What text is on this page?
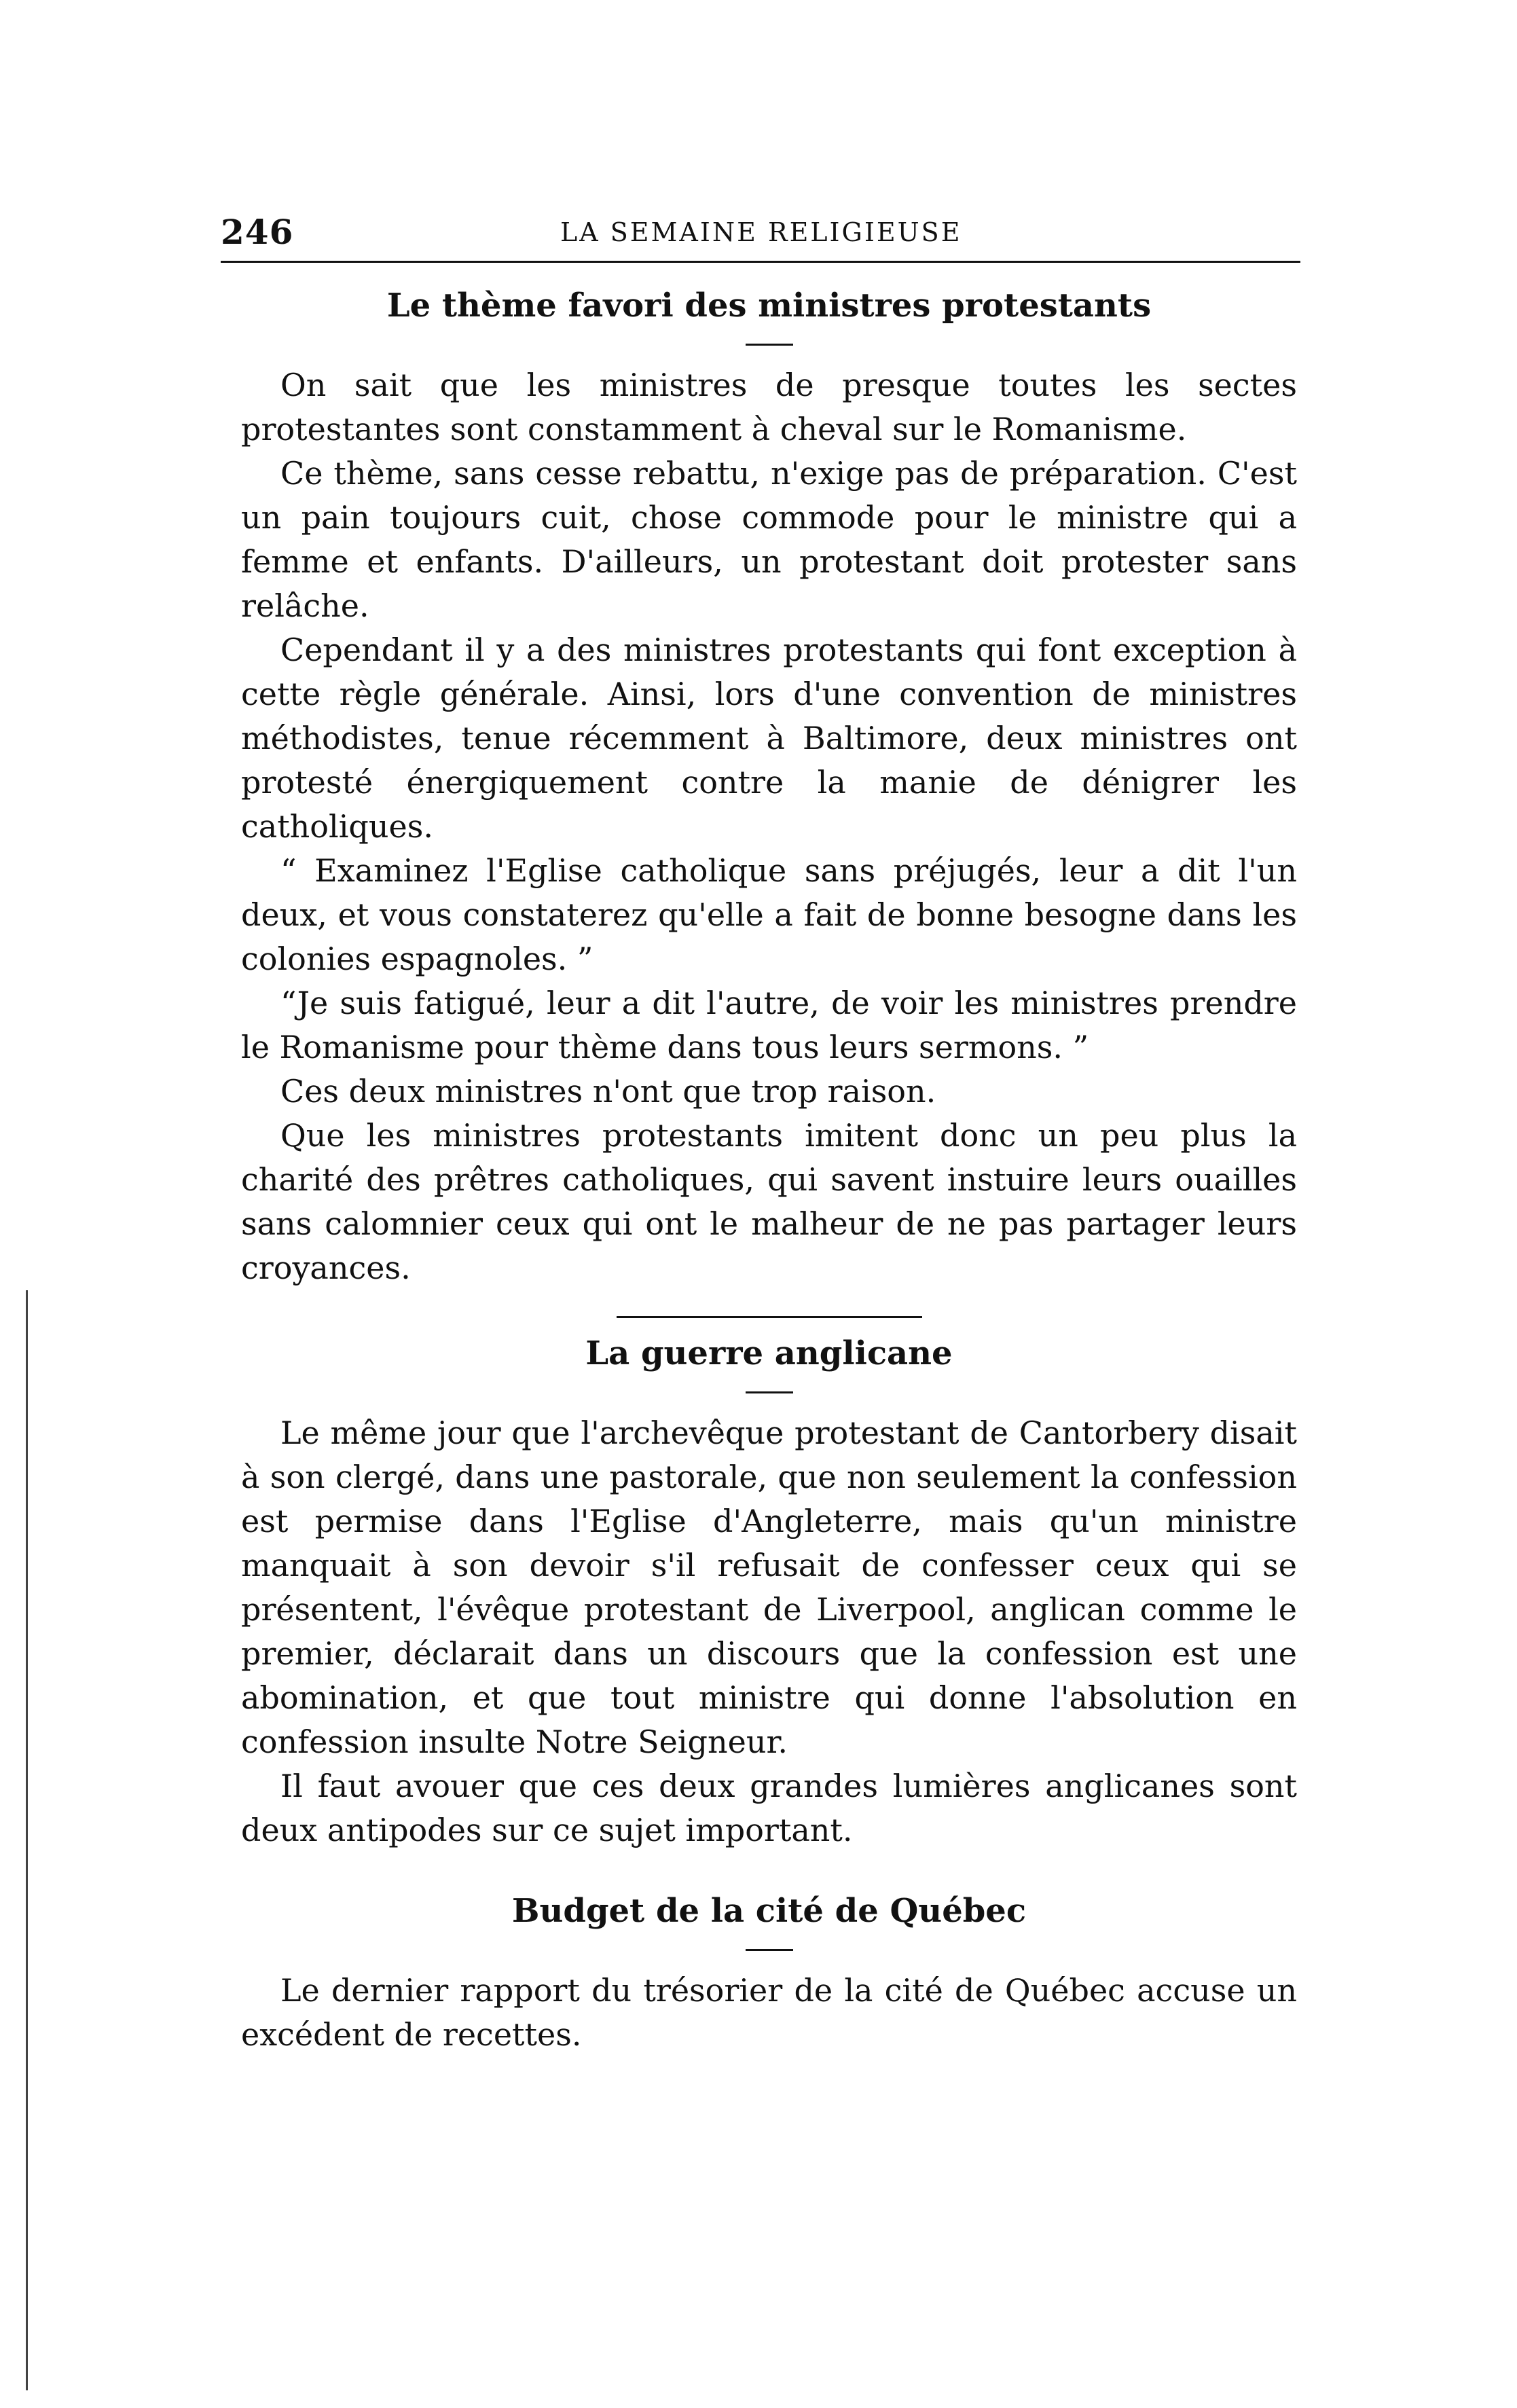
246	LA SEMAINE RELIGIEUSE
Le thème favori des ministres protestants

On sait que les ministres de presque toutes les sectes protestantes sont constamment à cheval sur le Romanisme.

Ce thème, sans cesse rebattu, n'exige pas de préparation. C'est un pain toujours cuit, chose commode pour le ministre qui a femme et enfants. D'ailleurs, un protestant doit protester sans relâche.

Cependant il y a des ministres protestants qui font exception à cette règle générale. Ainsi, lors d'une convention de ministres méthodistes, tenue récemment à Baltimore, deux ministres ont protesté énergiquement contre la manie de dénigrer les catholiques.

“ Examinez l'Eglise catholique sans préjugés, leur a dit l'un deux, et vous constaterez qu'elle a fait de bonne besogne dans les colonies espagnoles. ”

“Je suis fatigué, leur a dit l'autre, de voir les ministres prendre le Romanisme pour thème dans tous leurs sermons. ”

Ces deux ministres n'ont que trop raison.

Que les ministres protestants imitent donc un peu plus la charité des prêtres catholiques, qui savent instuire leurs ouailles sans calomnier ceux qui ont le malheur de ne pas partager leurs croyances.

La guerre anglicane

Le même jour que l'archevêque protestant de Cantorbery disait à son clergé, dans une pastorale, que non seulement la confession est permise dans l'Eglise d'Angleterre, mais qu'un ministre manquait à son devoir s'il refusait de confesser ceux qui se présentent, l'évêque protestant de Liverpool, anglican comme le premier, déclarait dans un discours que la confession est une abomination, et que tout ministre qui donne l'absolution en confession insulte Notre Seigneur.

Il faut avouer que ces deux grandes lumières anglicanes sont deux antipodes sur ce sujet important.

Budget de la cité de Québec

Le dernier rapport du trésorier de la cité de Québec accuse un excédent de recettes.
